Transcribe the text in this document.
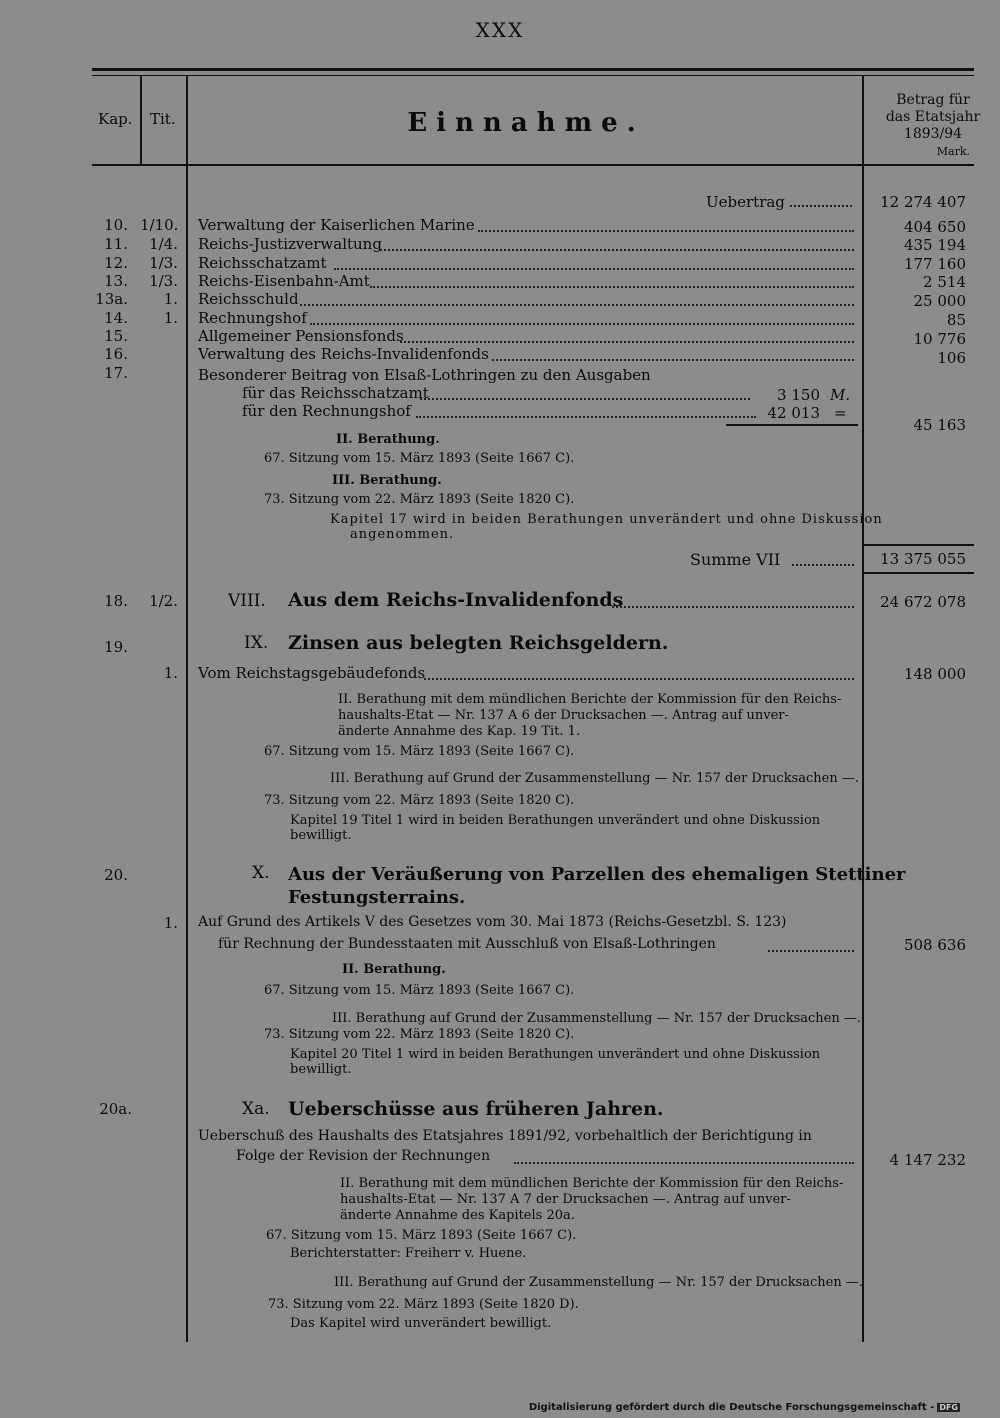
XXX
Kap. Tit.	Einnahme.
Betrag für
das Etatsjahr
1893/94
Mark.
Uebertrag	12 274 407
10. 1/10. Verwaltung der Kaiserlichen Marine	404 650
11.	1/4. Reichs-Justizverwaltung	435 194
12.	1/3. Reichsschatzamt	177 160
13.	1/3. Reichs-Eisenbahn-Amt	2 514
13a.	1. Reichsschuld	25 000
14.	1. Rechnungshof	85
15.	Allgemeiner Pensionsfonds	10 776
16.	Verwaltung des Reichs-Invalidenfonds	106
17.	Besonderer Beitrag von Elsaß-Lothringen zu den Ausgaben
für das Reichsschatzamt	3 150 M.
für den Rechnungshof	42 013 =
45 163
II. Berathung.
67. Sitzung vom 15. März 1893 (Seite 1667 C).
III. Berathung.
73. Sitzung vom 22. März 1893 (Seite 1820 C).
Kapitel 17 wird in beiden Berathungen unverändert und ohne Diskussion
angenommen.
Summe VII	13 375 055
18.	1/2.	VIII. Aus dem Reichs-Invalidenfonds	24 672 078
19.	IX. Zinsen aus belegten Reichsgeldern.
1. Vom Reichstagsgebäudefonds	148 000
II. Berathung mit dem mündlichen Berichte der Kommission für den Reichs-
haushalts-Etat — Nr. 137 A 6 der Drucksachen —. Antrag auf unver-
änderte Annahme des Kap. 19 Tit. 1.
67. Sitzung vom 15. März 1893 (Seite 1667 C).
III. Berathung auf Grund der Zusammenstellung — Nr. 157 der Drucksachen —.
73. Sitzung vom 22. März 1893 (Seite 1820 C).
Kapitel 19 Titel 1 wird in beiden Berathungen unverändert und ohne Diskussion
bewilligt.
20.	X. Aus der Veräußerung von Parzellen des ehemaligen Stettiner
Festungsterrains.
1. Auf Grund des Artikels V des Gesetzes vom 30. Mai 1873 (Reichs-Gesetzbl. S. 123)
für Rechnung der Bundesstaaten mit Ausschluß von Elsaß-Lothringen	508 636
II. Berathung.
67. Sitzung vom 15. März 1893 (Seite 1667 C).
III. Berathung auf Grund der Zusammenstellung — Nr. 157 der Drucksachen —.
73. Sitzung vom 22. März 1893 (Seite 1820 C).
Kapitel 20 Titel 1 wird in beiden Berathungen unverändert und ohne Diskussion
bewilligt.
20a.	Xa. Ueberschüsse aus früheren Jahren.
Ueberschuß des Haushalts des Etatsjahres 1891/92, vorbehaltlich der Berichtigung in
Folge der Revision der Rechnungen	4 147 232
II. Berathung mit dem mündlichen Berichte der Kommission für den Reichs-
haushalts-Etat — Nr. 137 A 7 der Drucksachen —. Antrag auf unver-
änderte Annahme des Kapitels 20a.
67. Sitzung vom 15. März 1893 (Seite 1667 C).
Berichterstatter: Freiherr v. Huene.
III. Berathung auf Grund der Zusammenstellung — Nr. 157 der Drucksachen —.
73. Sitzung vom 22. März 1893 (Seite 1820 D).
Das Kapitel wird unverändert bewilligt.
Digitalisierung gefördert durch die Deutsche Forschungsgemeinschaft - DFG
